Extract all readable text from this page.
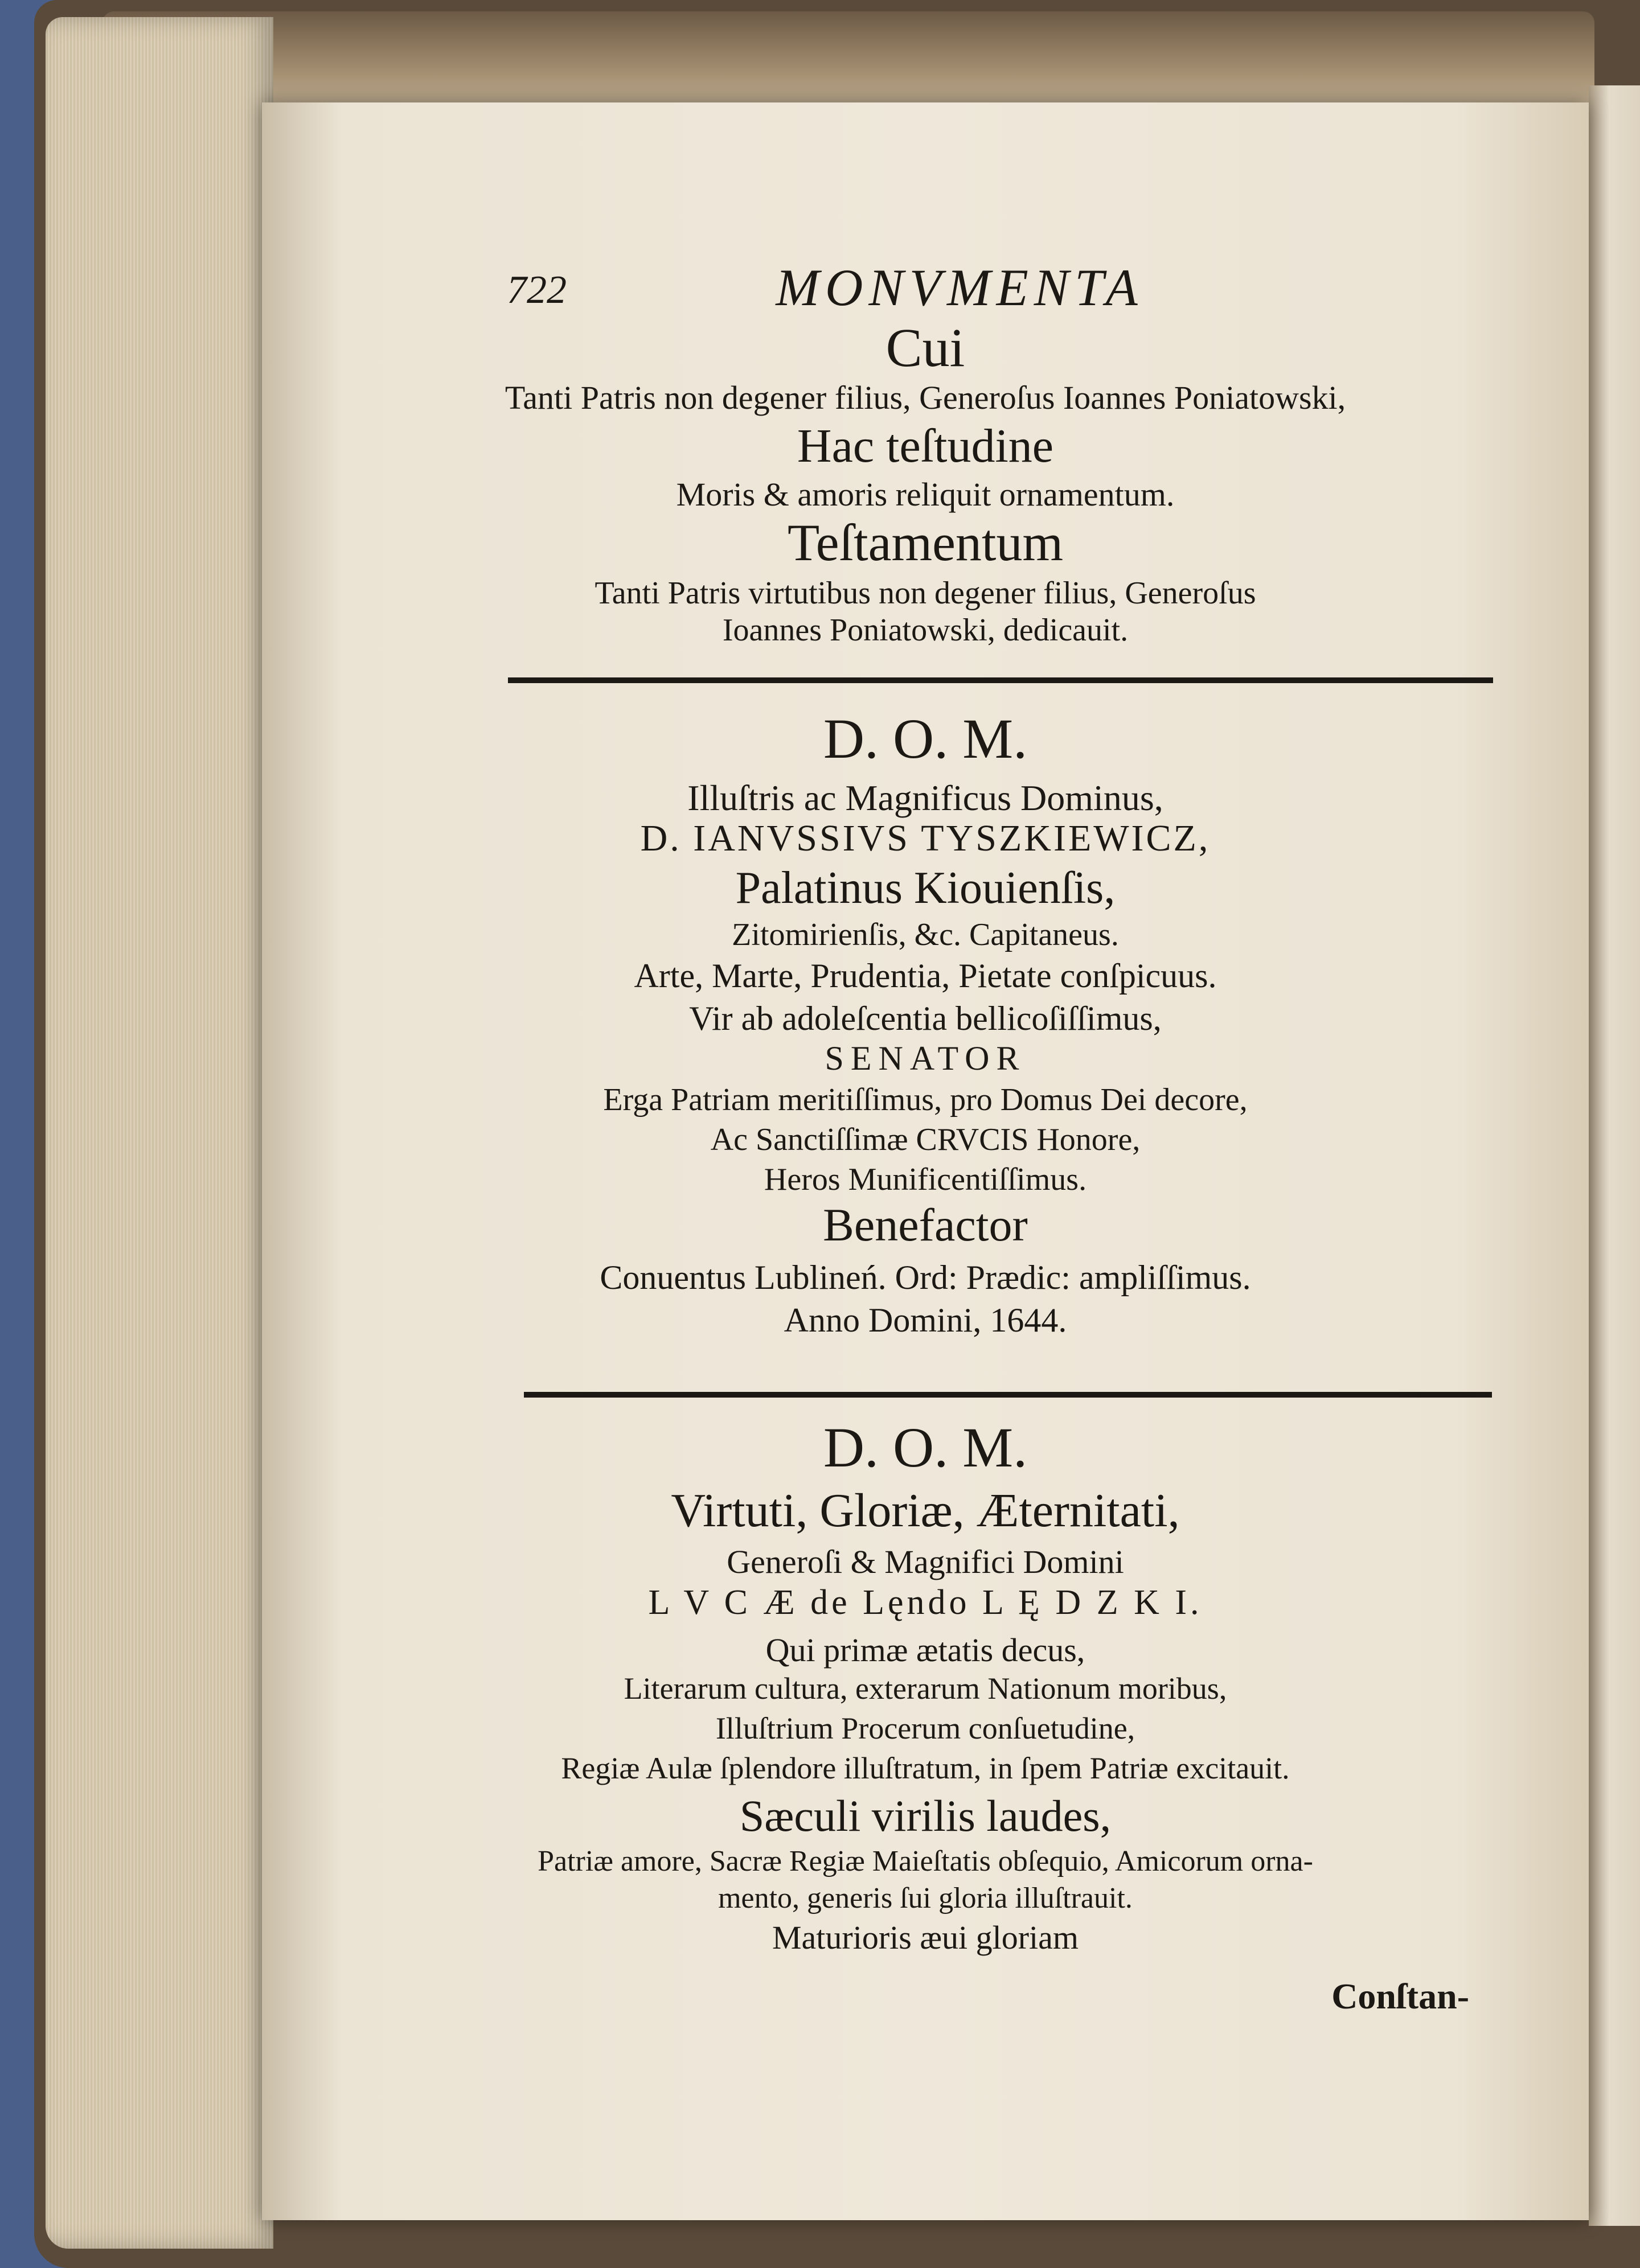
722	MONVMENTA
Cui
Tanti Patris non degener filius, Generoſus Ioannes Poniatowski,
Hac teſtudine
Moris & amoris reliquit ornamentum.
Teſtamentum
Tanti Patris virtutibus non degener filius, Generoſus
Ioannes Poniatowski, dedicauit.
D. O. M.
Illuſtris ac Magnificus Dominus,
D. IANVSSIVS TYSZKIEWICZ,
Palatinus Kiouienſis,
Zitomirienſis, &c. Capitaneus.
Arte, Marte, Prudentia, Pietate conſpicuus.
Vir ab adoleſcentia bellicoſiſſimus,
SENATOR
Erga Patriam meritiſſimus, pro Domus Dei decore,
Ac Sanctiſſimæ CRVCIS Honore,
Heros Munificentiſſimus.
Benefactor
Conuentus Lublineń. Ord: Prædic: ampliſſimus.
Anno Domini, 1644.
D. O. M.
Virtuti, Gloriæ, Æternitati,
Generoſi & Magnifici Domini
L V C Æ de Lęndo L Ę D Z K I.
Qui primæ ætatis decus,
Literarum cultura, exterarum Nationum moribus,
Illuſtrium Procerum conſuetudine,
Regiæ Aulæ ſplendore illuſtratum, in ſpem Patriæ excitauit.
Sæculi virilis laudes,
Patriæ amore, Sacræ Regiæ Maieſtatis obſequio, Amicorum orna-
mento, generis ſui gloria illuſtrauit.
Maturioris æui gloriam
Conſtan-
